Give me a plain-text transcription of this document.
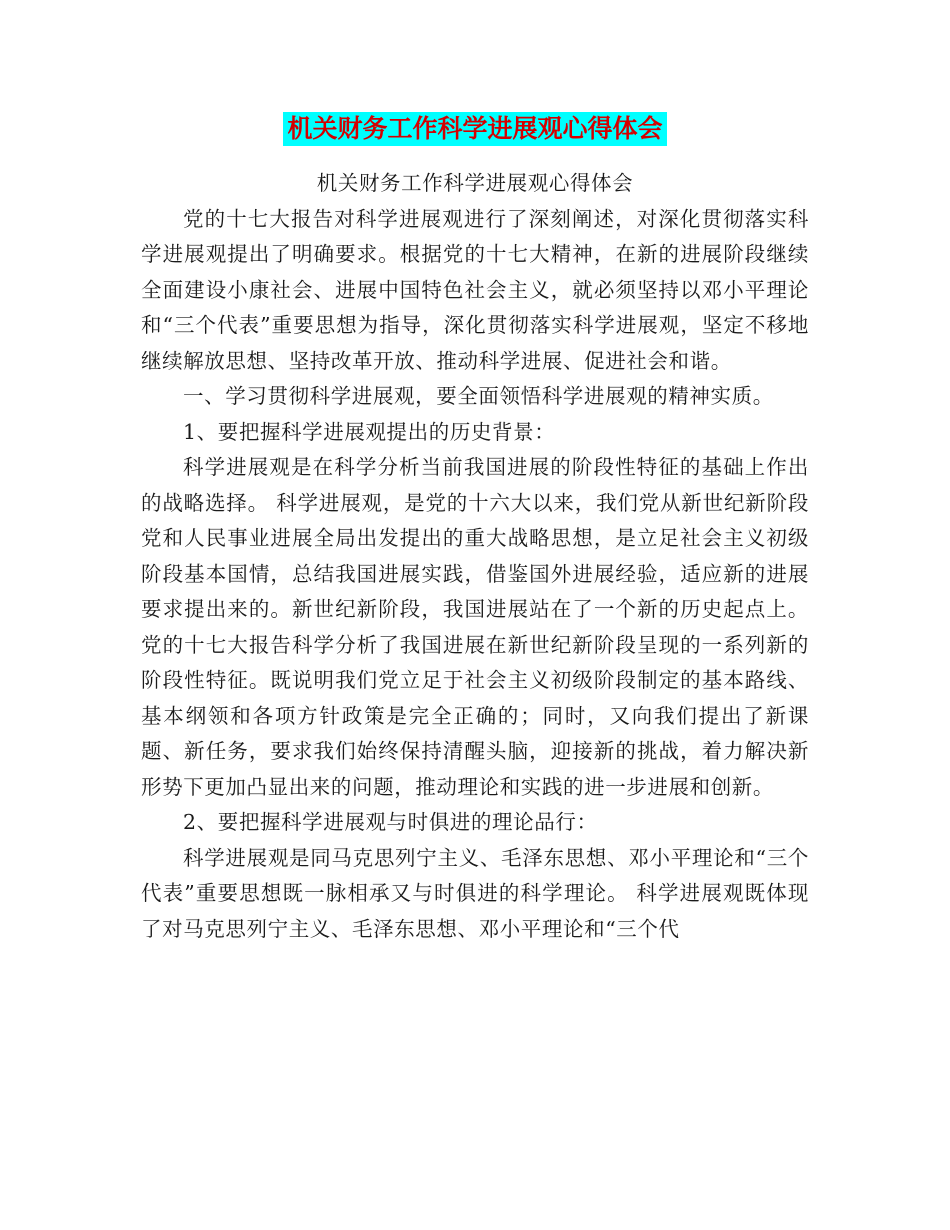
机关财务工作科学进展观心得体会

机关财务工作科学进展观心得体会

党的十七大报告对科学进展观进行了深刻阐述，对深化贯彻落实科学进展观提出了明确要求。根据党的十七大精神，在新的进展阶段继续全面建设小康社会、进展中国特色社会主义，就必须坚持以邓小平理论和“三个代表”重要思想为指导，深化贯彻落实科学进展观，坚定不移地继续解放思想、坚持改革开放、推动科学进展、促进社会和谐。

一、学习贯彻科学进展观，要全面领悟科学进展观的精神实质。

1、要把握科学进展观提出的历史背景：

科学进展观是在科学分析当前我国进展的阶段性特征的基础上作出的战略选择。 科学进展观，是党的十六大以来，我们党从新世纪新阶段党和人民事业进展全局出发提出的重大战略思想，是立足社会主义初级阶段基本国情，总结我国进展实践，借鉴国外进展经验，适应新的进展要求提出来的。新世纪新阶段，我国进展站在了一个新的历史起点上。党的十七大报告科学分析了我国进展在新世纪新阶段呈现的一系列新的阶段性特征。既说明我们党立足于社会主义初级阶段制定的基本路线、基本纲领和各项方针政策是完全正确的；同时，又向我们提出了新课题、新任务，要求我们始终保持清醒头脑，迎接新的挑战，着力解决新形势下更加凸显出来的问题，推动理论和实践的进一步进展和创新。

2、要把握科学进展观与时俱进的理论品行：

科学进展观是同马克思列宁主义、毛泽东思想、邓小平理论和“三个代表”重要思想既一脉相承又与时俱进的科学理论。 科学进展观既体现了对马克思列宁主义、毛泽东思想、邓小平理论和“三个代
